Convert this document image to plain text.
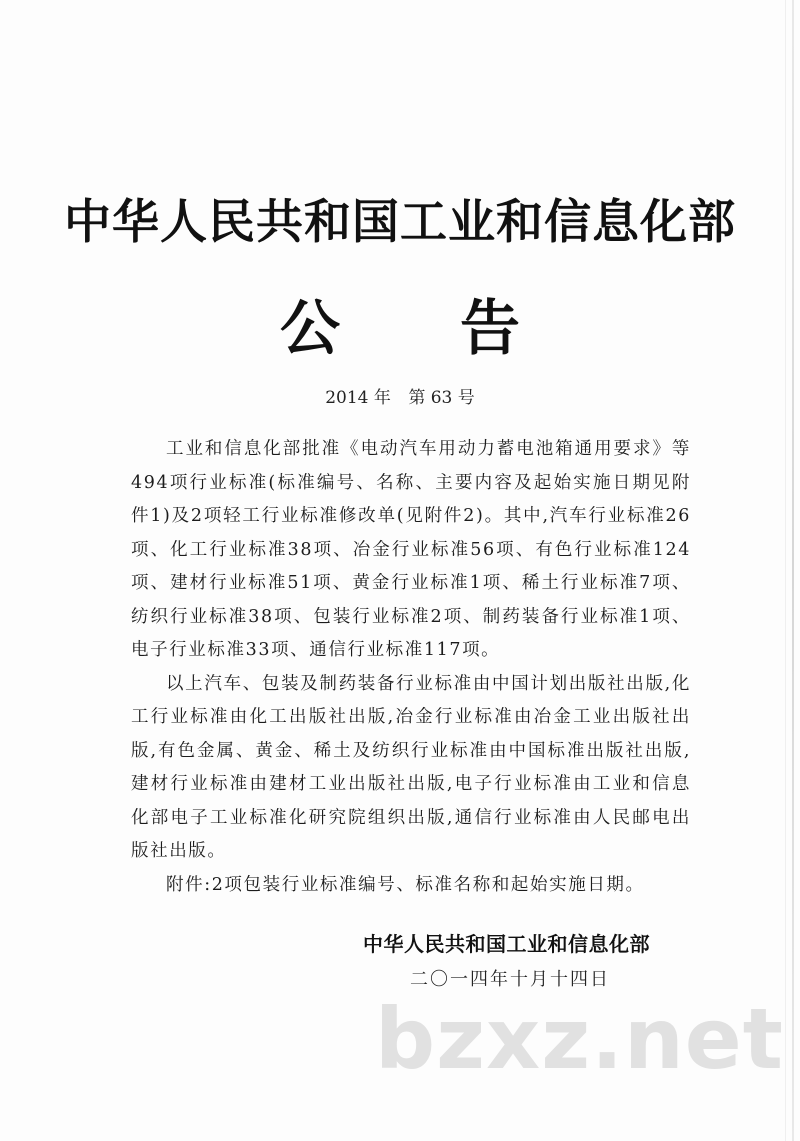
中华人民共和国工业和信息化部
公告
2014 年 第 63 号

工业和信息化部批准《电动汽车用动力蓄电池箱通用要求》等494项行业标准(标准编号、名称、主要内容及起始实施日期见附件1)及2项轻工行业标准修改单(见附件2)。其中,汽车行业标准26项、化工行业标准38项、冶金行业标准56项、有色行业标准124项、建材行业标准51项、黄金行业标准1项、稀土行业标准7项、纺织行业标准38项、包装行业标准2项、制药装备行业标准1项、电子行业标准33项、通信行业标准117项。

以上汽车、包装及制药装备行业标准由中国计划出版社出版,化工行业标准由化工出版社出版,冶金行业标准由冶金工业出版社出版,有色金属、黄金、稀土及纺织行业标准由中国标准出版社出版,建材行业标准由建材工业出版社出版,电子行业标准由工业和信息化部电子工业标准化研究院组织出版,通信行业标准由人民邮电出版社出版。

附件:2项包装行业标准编号、标准名称和起始实施日期。

中华人民共和国工业和信息化部
二〇一四年十月十四日
bzxz.net
